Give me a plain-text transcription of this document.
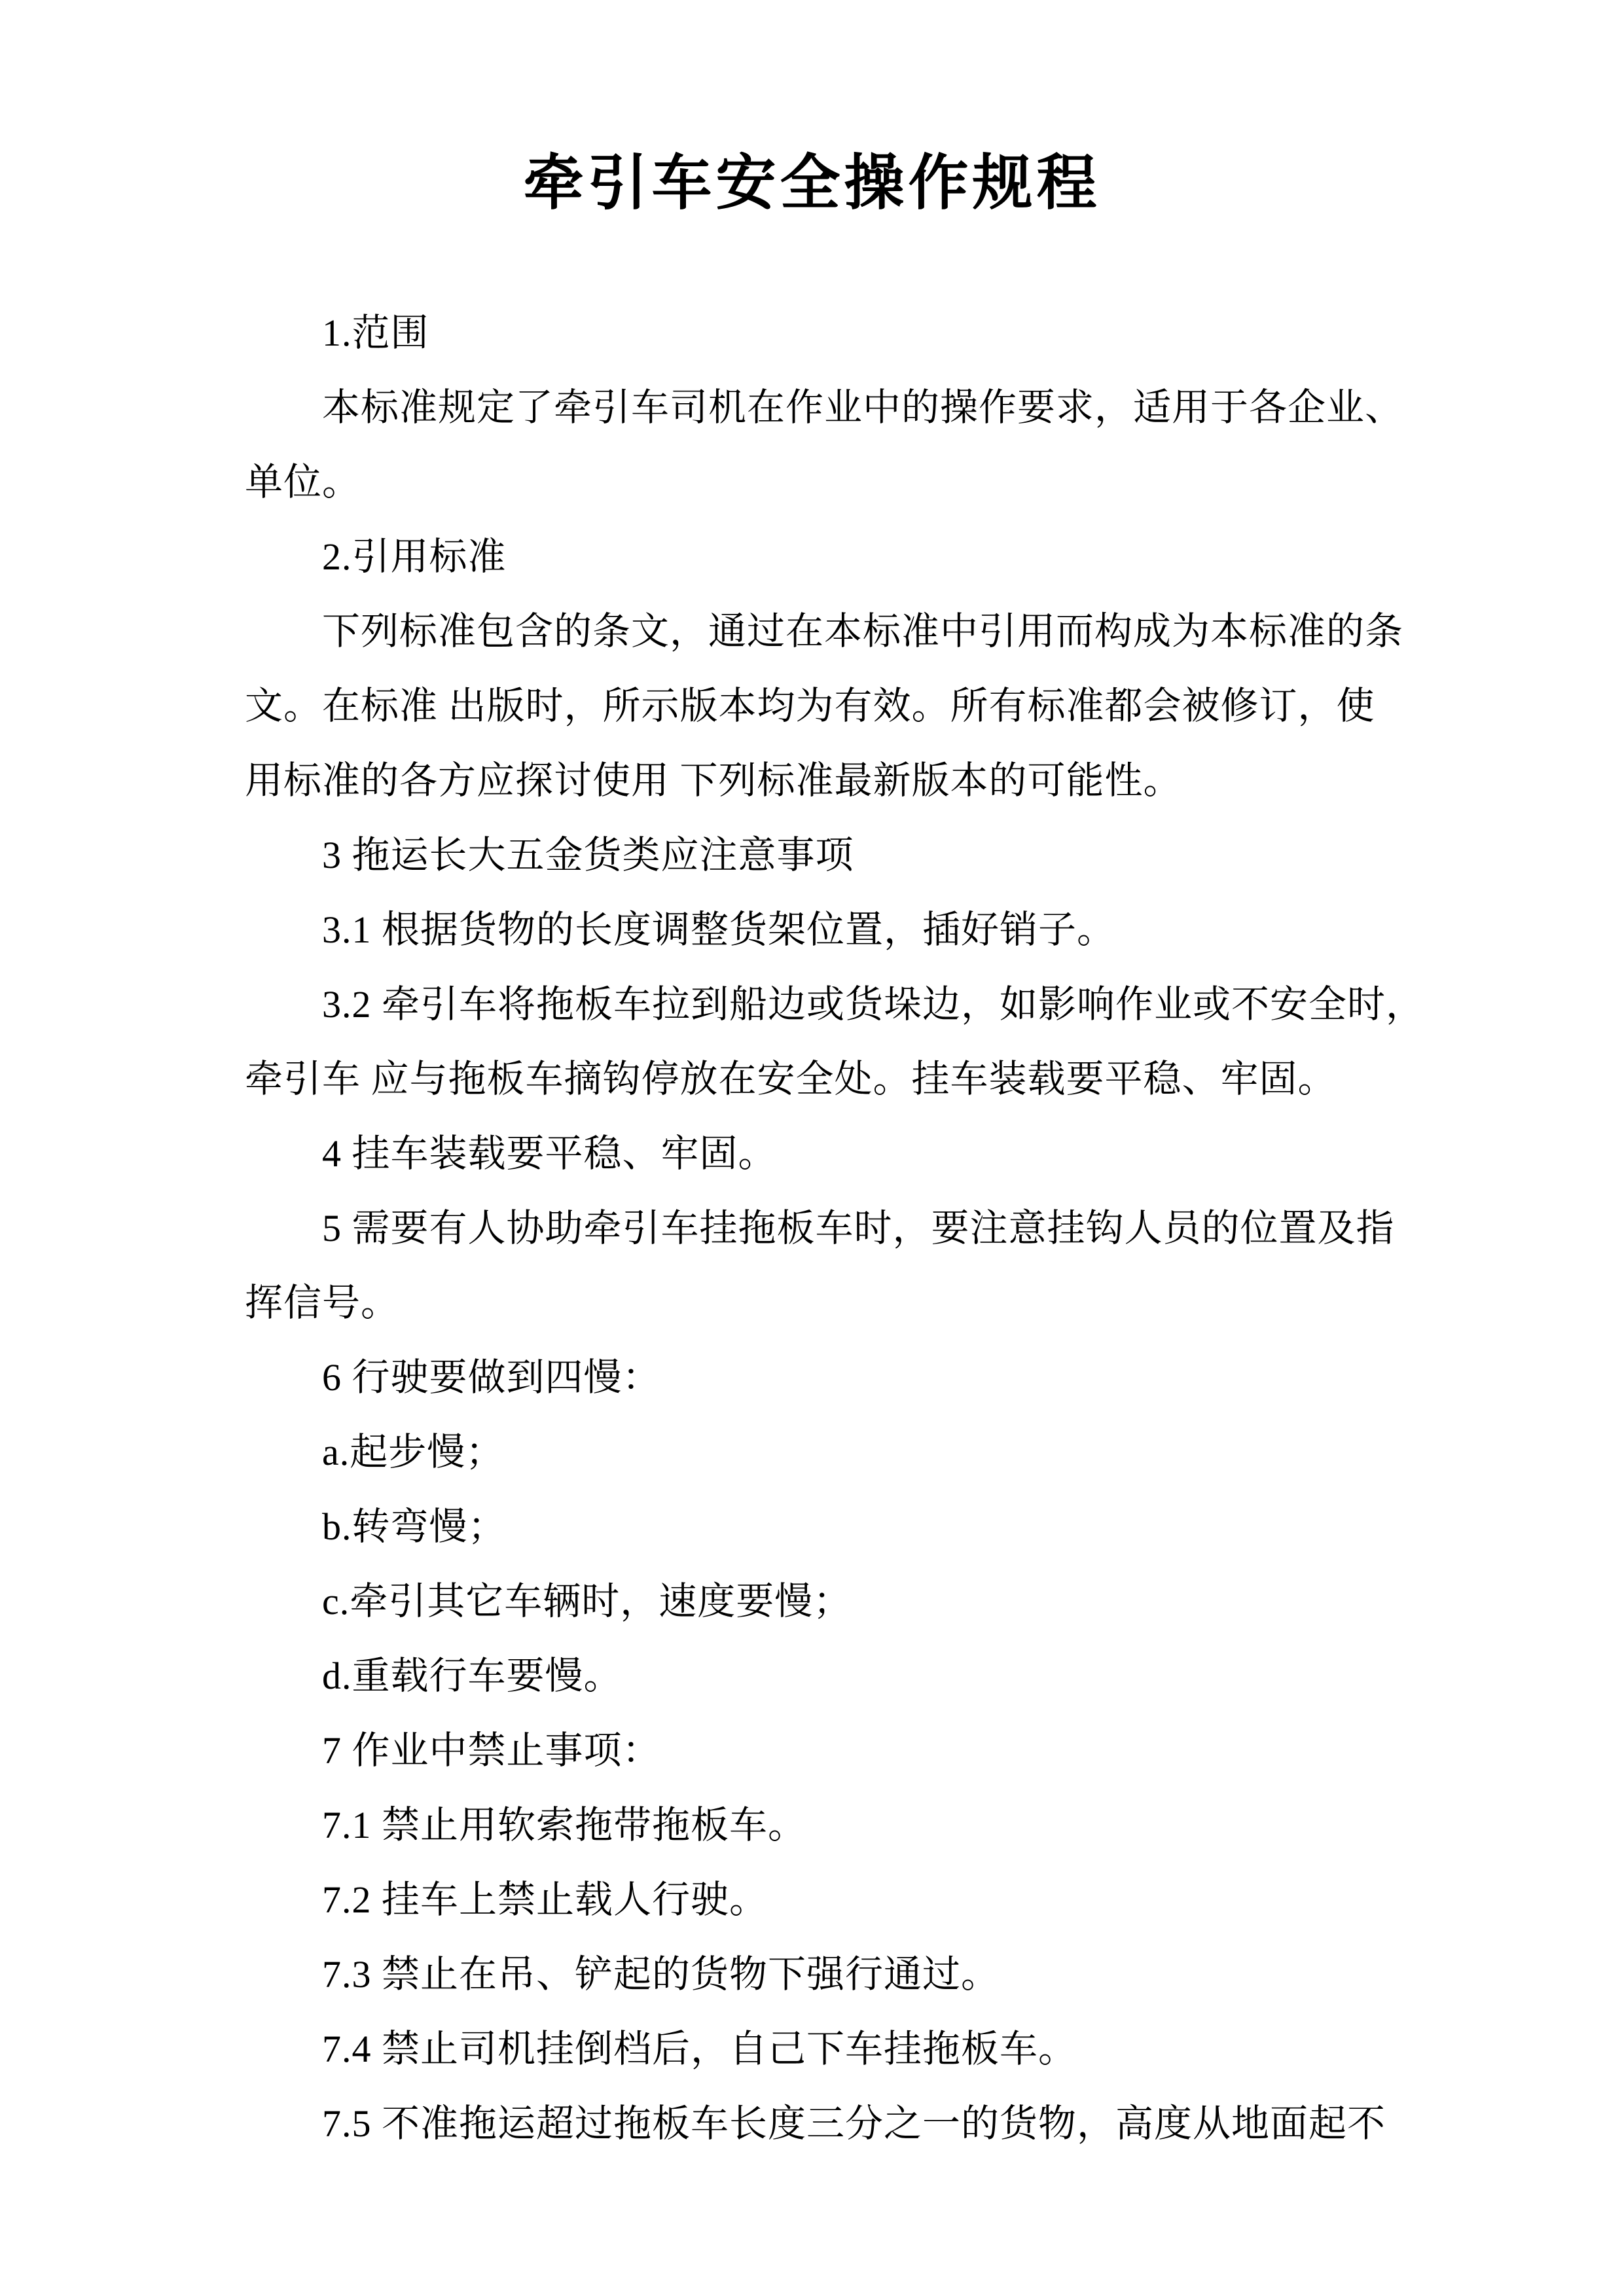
牵引车安全操作规程
1.范围
本标准规定了牵引车司机在作业中的操作要求，适用于各企业、
单位。
2.引用标准
下列标准包含的条文，通过在本标准中引用而构成为本标准的条
文。在标准 出版时，所示版本均为有效。所有标准都会被修订，使
用标准的各方应探讨使用 下列标准最新版本的可能性。
3 拖运长大五金货类应注意事项
3.1 根据货物的长度调整货架位置，插好销子。
3.2 牵引车将拖板车拉到船边或货垛边，如影响作业或不安全时，
牵引车 应与拖板车摘钩停放在安全处。挂车装载要平稳、牢固。
4 挂车装载要平稳、牢固。
5 需要有人协助牵引车挂拖板车时，要注意挂钩人员的位置及指
挥信号。
6 行驶要做到四慢：
a.起步慢；
b.转弯慢；
c.牵引其它车辆时，速度要慢；
d.重载行车要慢。
7 作业中禁止事项：
7.1 禁止用软索拖带拖板车。
7.2 挂车上禁止载人行驶。
7.3 禁止在吊、铲起的货物下强行通过。
7.4 禁止司机挂倒档后，自己下车挂拖板车。
7.5 不准拖运超过拖板车长度三分之一的货物，高度从地面起不
